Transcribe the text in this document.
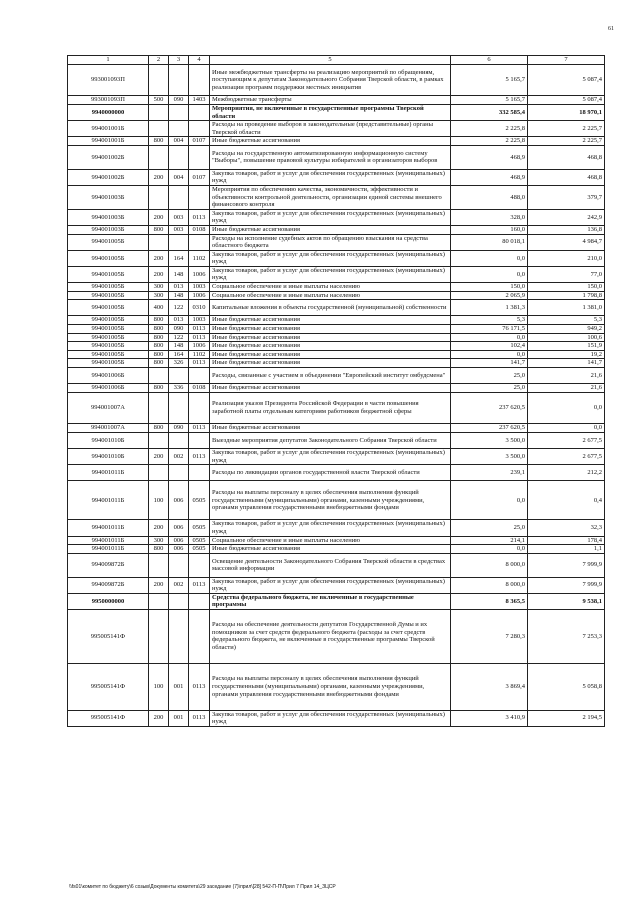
61
1	2	3	4	5	6	7
993001093П				Иные межбюджетные трансферты на реализацию мероприятий по обращениям, поступающим к депутатам Законодательного Собрания Тверской области, в рамках реализации программ поддержки местных инициатив	5 165,7	5 087,4
993001093П	500	090	1403	Межбюджетные трансферты	5 165,7	5 087,4
9940000000				Мероприятия, не включенные в государственные программы Тверской области	332 585,4	18 970,1
994001001Б				Расходы на проведение выборов в законодательные (представительные) органы Тверской области	2 225,8	2 225,7
994001001Б	800	004	0107	Иные бюджетные ассигнования	2 225,8	2 225,7
994001002Б				Расходы на государственную автоматизированную информационную систему "Выборы", повышение правовой культуры избирателей и организаторов выборов	468,9	468,8
994001002Б	200	004	0107	Закупка товаров, работ и услуг для обеспечения государственных (муниципальных) нужд	468,9	468,8
994001003Б				Мероприятия по обеспечению качества, экономичности, эффективности и объективности контрольной деятельности, организации единой системы внешнего финансового контроля	488,0	379,7
994001003Б	200	003	0113	Закупка товаров, работ и услуг для обеспечения государственных (муниципальных) нужд	328,0	242,9
994001003Б	800	003	0108	Иные бюджетные ассигнования	160,0	136,8
994001005Б				Расходы на исполнение судебных актов по обращению взыскания на средства областного бюджета	80 018,1	4 984,7
994001005Б	200	164	1102	Закупка товаров, работ и услуг для обеспечения государственных (муниципальных) нужд	0,0	210,0
994001005Б	200	148	1006	Закупка товаров, работ и услуг для обеспечения государственных (муниципальных) нужд	0,0	77,0
994001005Б	300	013	1003	Социальное обеспечение и иные выплаты населению	150,0	150,0
994001005Б	300	148	1006	Социальное обеспечение и иные выплаты населению	2 065,9	1 798,8
994001005Б	400	122	0310	Капитальные вложения в объекты государственной (муниципальной) собственности	1 381,3	1 381,0
994001005Б	800	013	1003	Иные бюджетные ассигнования	5,3	5,3
994001005Б	800	090	0113	Иные бюджетные ассигнования	76 171,5	949,2
994001005Б	800	122	0113	Иные бюджетные ассигнования	0,0	100,6
994001005Б	800	148	1006	Иные бюджетные ассигнования	102,4	151,9
994001005Б	800	164	1102	Иные бюджетные ассигнования	0,0	19,2
994001005Б	800	326	0113	Иные бюджетные ассигнования	141,7	141,7
994001006Б				Расходы, связанные с участием в объединении "Европейский институт омбудсмена"	25,0	21,6
994001006Б	800	336	0108	Иные бюджетные ассигнования	25,0	21,6
994001007А				Реализация указов Президента Российской Федерации в части повышения заработной платы отдельным категориям работников бюджетной сферы	237 620,5	0,0
994001007А	800	090	0113	Иные бюджетные ассигнования	237 620,5	0,0
994001010Б				Выездные мероприятия депутатов Законодательного Собрания Тверской области	3 500,0	2 677,5
994001010Б	200	002	0113	Закупка товаров, работ и услуг для обеспечения государственных (муниципальных) нужд	3 500,0	2 677,5
994001011Б				Расходы по ликвидации органов государственной власти Тверской области	239,1	212,2
994001011Б	100	006	0505	Расходы на выплаты персоналу в целях обеспечения выполнения функций государственными (муниципальными) органами, казенными учреждениями, органами управления государственными внебюджетными фондами	0,0	0,4
994001011Б	200	006	0505	Закупка товаров, работ и услуг для обеспечения государственных (муниципальных) нужд	25,0	32,3
994001011Б	300	006	0505	Социальное обеспечение и иные выплаты населению	214,1	178,4
994001011Б	800	006	0505	Иные бюджетные ассигнования	0,0	1,1
994009872Б				Освещение деятельности Законодательного Собрания Тверской области в средствах массовой информации	8 000,0	7 999,9
994009872Б	200	002	0113	Закупка товаров, работ и услуг для обеспечения государственных (муниципальных) нужд	8 000,0	7 999,9
9950000000				Средства федерального бюджета, не включенные в государственные программы	8 365,5	9 538,1
995005141Ф				Расходы на обеспечение деятельности депутатов Государственной Думы и их помощников за счет средств федерального бюджета (расходы за счет средств федерального бюджета, не включенные в государственные программы Тверской области)	7 280,3	7 253,3
995005141Ф	100	001	0113	Расходы на выплаты персоналу в целях обеспечения выполнения функций государственными (муниципальными) органами, казенными учреждениями, органами управления государственными внебюджетными фондами	3 869,4	5 058,8
995005141Ф	200	001	0113	Закупка товаров, работ и услуг для обеспечения государственных (муниципальных) нужд	3 410,9	2 194,5
\\fs01\комитет по бюджету\6 созыв\Документы комитета\29 заседание (7)\прил\[28] 542-П-П\Прил 7 Прил 14_ЗЦСР
